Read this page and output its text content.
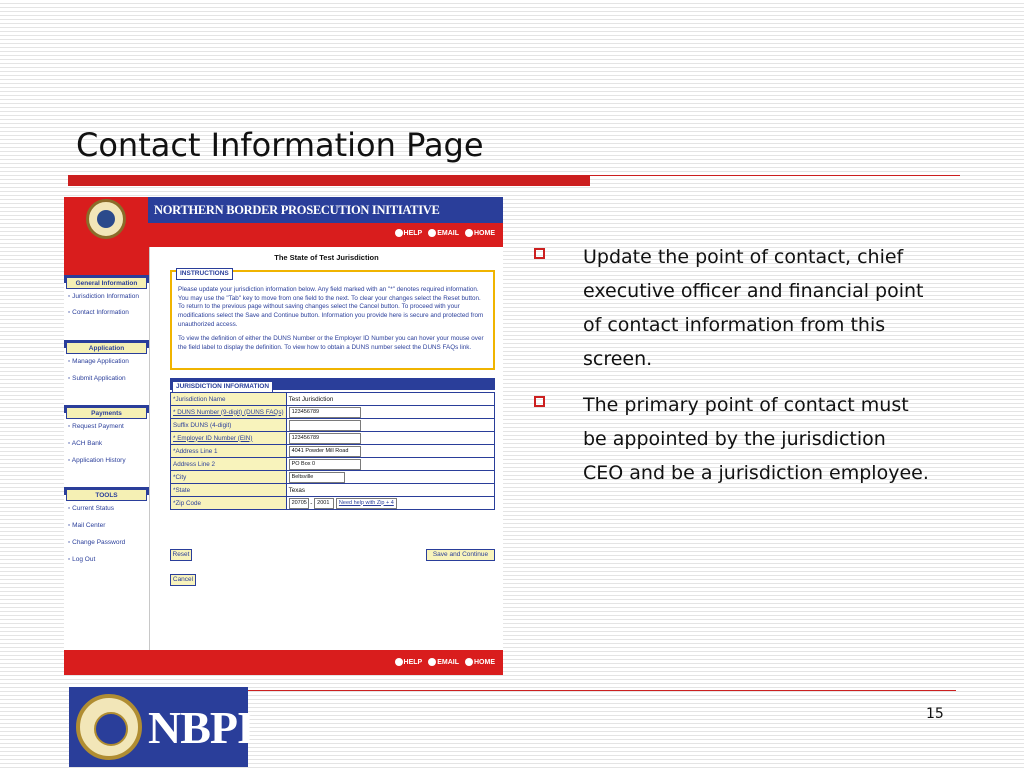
Contact Information Page
NORTHERN BORDER PROSECUTION INITIATIVE
HELP	EMAIL	HOME
General Information
▫ Jurisdiction Information
▫ Contact Information
Application
▫ Manage Application
▫ Submit Application
Payments
▫ Request Payment
▫ ACH Bank
▫ Application History
TOOLS
▫ Current Status
▫ Mail Center
▫ Change Password
▫ Log Out
The State of Test Jurisdiction
INSTRUCTIONS

Please update your jurisdiction information below. Any field marked with an "*" denotes required information. You may use the "Tab" key to move from one field to the next. To clear your changes select the Reset button. To return to the previous page without saving changes select the Cancel button. To proceed with your modifications select the Save and Continue button. Information you provide here is secure and protected from unauthorized access.

To view the definition of either the DUNS Number or the Employer ID Number you can hover your mouse over the field label to display the definition. To view how to obtain a DUNS number select the DUNS FAQs link.

JURISDICTION INFORMATION
*Jurisdiction Name	Test Jurisdiction
* DUNS Number (9-digit) (DUNS FAQs)	123456789
Suffix DUNS (4-digit)	
* Employer ID Number (EIN)	123456789
*Address Line 1	4041 Powder Mill Road
Address Line 2	PO Box 0
*City	Beltsville
*State	Texas
*Zip Code	20705 - 2001 Need help with Zip + 4
Reset	Save and Continue
Cancel
HELP	EMAIL	HOME
Update the point of contact, chief executive officer and financial point of contact information from this screen.
The primary point of contact must be appointed by the jurisdiction CEO and be a jurisdiction employee.
NBPI	15
